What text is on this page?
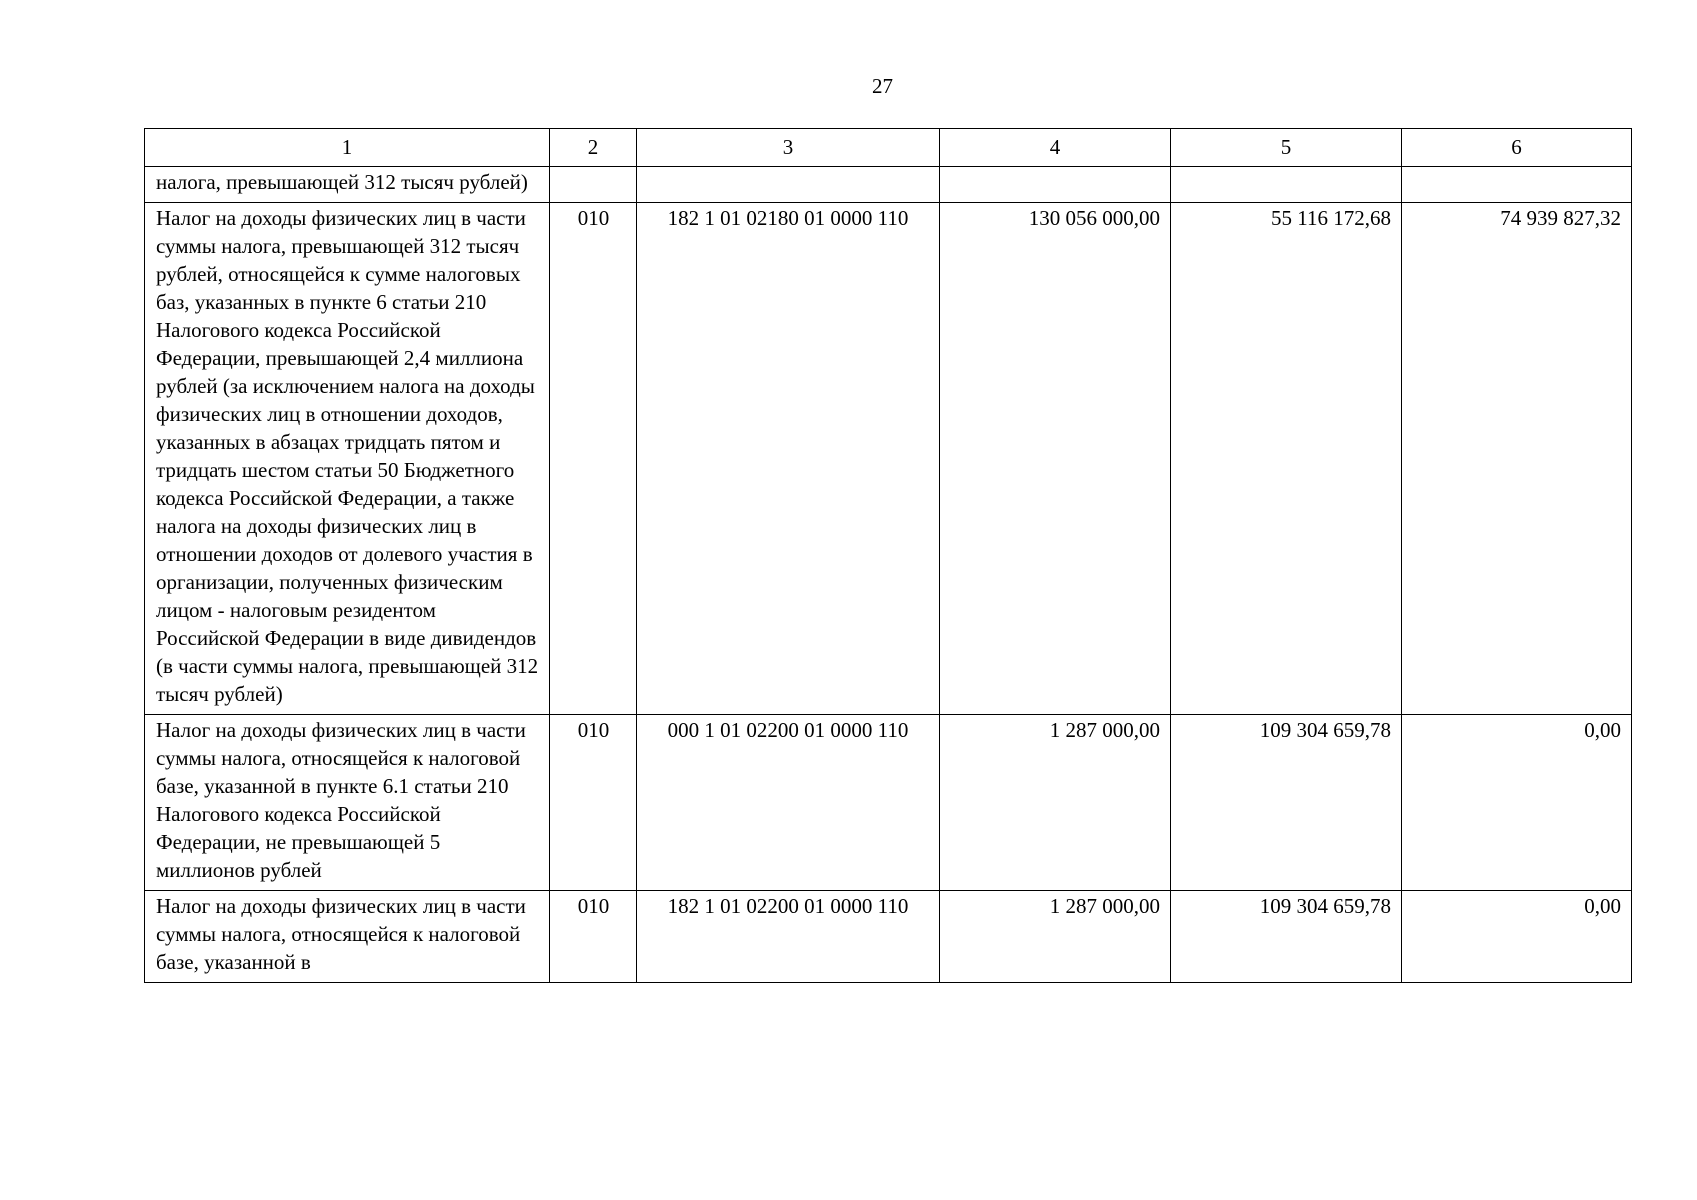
27
1	2	3	4	5	6
налога, превышающей 312 тысяч рублей)					
Налог на доходы физических лиц в части суммы налога, превышающей 312 тысяч рублей, относящейся к сумме налоговых баз, указанных в пункте 6 статьи 210 Налогового кодекса Российской Федерации, превышающей 2,4 миллиона рублей (за исключением налога на доходы физических лиц в отношении доходов, указанных в абзацах тридцать пятом и тридцать шестом статьи 50 Бюджетного кодекса Российской Федерации, а также налога на доходы физических лиц в отношении доходов от долевого участия в организации, полученных физическим лицом - налоговым резидентом Российской Федерации в виде дивидендов (в части суммы налога, превышающей 312 тысяч рублей)	010	182 1 01 02180 01 0000 110	130 056 000,00	55 116 172,68	74 939 827,32
Налог на доходы физических лиц в части суммы налога, относящейся к налоговой базе, указанной в пункте 6.1 статьи 210 Налогового кодекса Российской Федерации, не превышающей 5 миллионов рублей	010	000 1 01 02200 01 0000 110	1 287 000,00	109 304 659,78	0,00
Налог на доходы физических лиц в части суммы налога, относящейся к налоговой базе, указанной в	010	182 1 01 02200 01 0000 110	1 287 000,00	109 304 659,78	0,00
